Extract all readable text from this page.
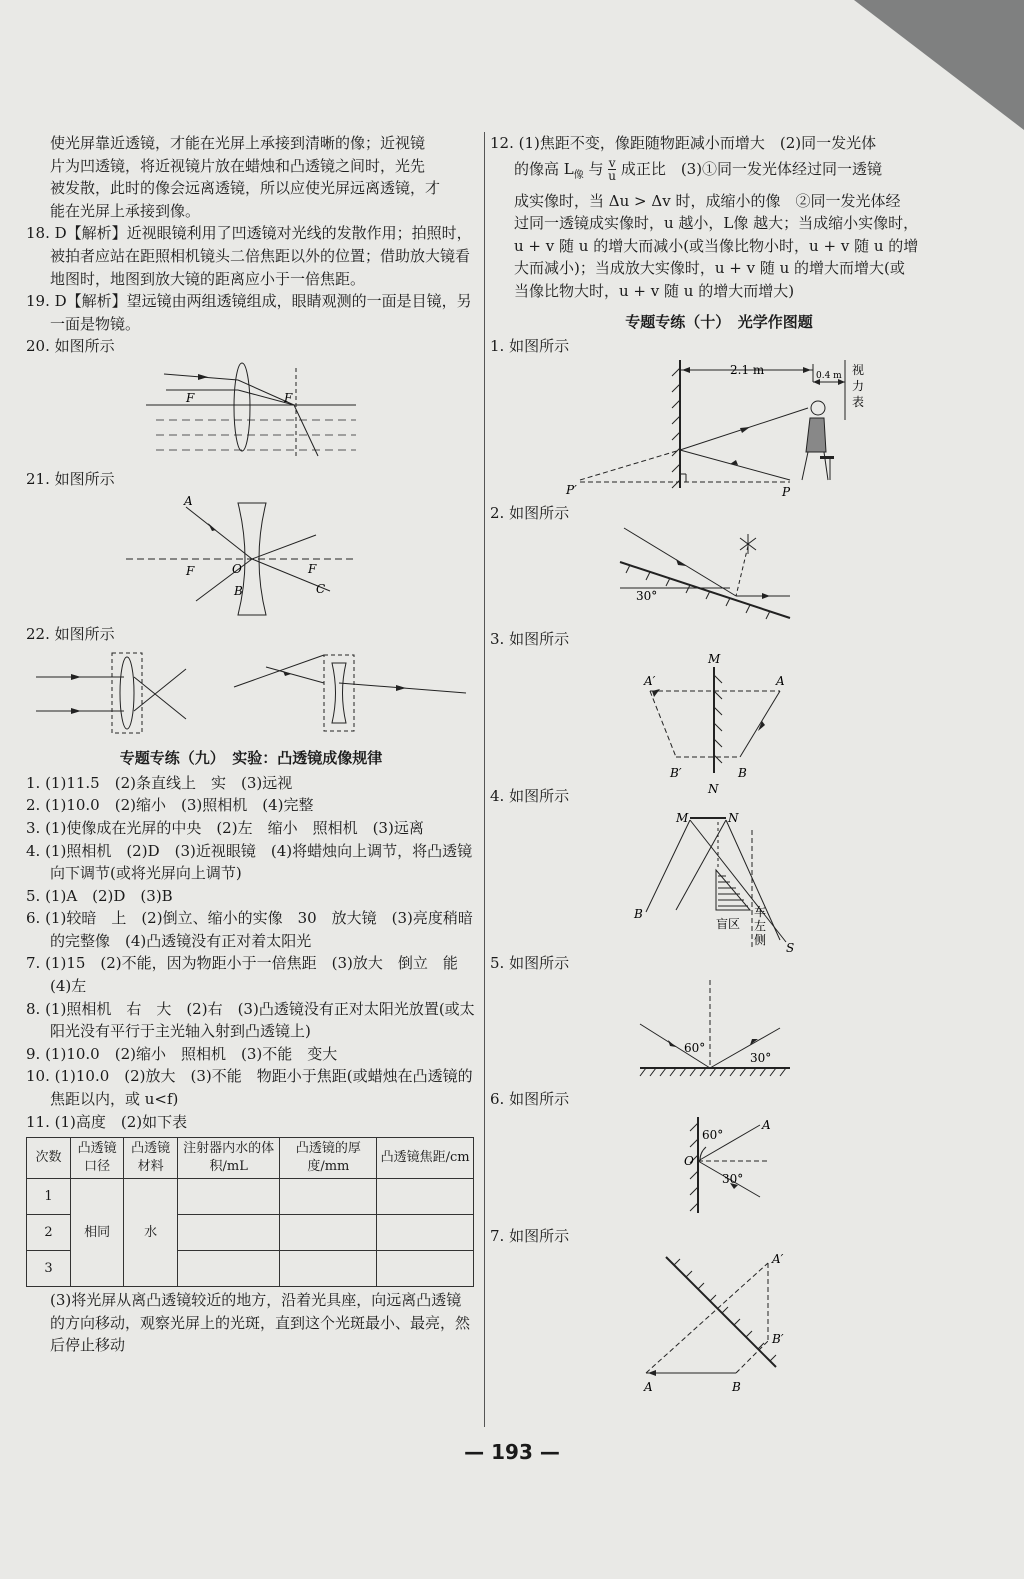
使光屏靠近透镜，才能在光屏上承接到清晰的像；近视镜

片为凹透镜，将近视镜片放在蜡烛和凸透镜之间时，光先

被发散，此时的像会远离透镜，所以应使光屏远离透镜，才

能在光屏上承接到像。

18. D【解析】近视眼镜利用了凹透镜对光线的发散作用；拍照时，被拍者应站在距照相机镜头二倍焦距以外的位置；借助放大镜看地图时，地图到放大镜的距离应小于一倍焦距。

19. D【解析】望远镜由两组透镜组成，眼睛观测的一面是目镜，另一面是物镜。

20. 如图所示

F	F

21. 如图所示

A
F	O	F
B	C

22. 如图所示

专题专练（九）　实验：凸透镜成像规律

1. (1)11.5　(2)条直线上　实　(3)远视

2. (1)10.0　(2)缩小　(3)照相机　(4)完整

3. (1)使像成在光屏的中央　(2)左　缩小　照相机　(3)远离

4. (1)照相机　(2)D　(3)近视眼镜　(4)将蜡烛向上调节，将凸透镜向下调节(或将光屏向上调节)

5. (1)A　(2)D　(3)B

6. (1)较暗　上　(2)倒立、缩小的实像　30　放大镜　(3)亮度稍暗的完整像　(4)凸透镜没有正对着太阳光

7. (1)15　(2)不能，因为物距小于一倍焦距　(3)放大　倒立　能　(4)左

8. (1)照相机　右　大　(2)右　(3)凸透镜没有正对太阳光放置(或太阳光没有平行于主光轴入射到凸透镜上)

9. (1)10.0　(2)缩小　照相机　(3)不能　变大

10. (1)10.0　(2)放大　(3)不能　物距小于焦距(或蜡烛在凸透镜的焦距以内，或 u<f)

11. (1)高度　(2)如下表

次数	凸透镜口径	凸透镜材料	注射器内水的体积/mL	凸透镜的厚度/mm	凸透镜焦距/cm
1	相同	水			
2					
3					

(3)将光屏从离凸透镜较近的地方，沿着光具座，向远离凸透镜的方向移动，观察光屏上的光斑，直到这个光斑最小、最亮，然后停止移动

12. (1)焦距不变，像距随物距减小而增大　(2)同一发光体

的像高 $L_像$ 与 $\frac{v}{u}$ 成正比　(3)①同一发光体经过同一透镜

成实像时，当 Δu > Δv 时，成缩小的像　②同一发光体经

过同一透镜成实像时，u 越小，L像 越大；当成缩小实像时，

u + v 随 u 的增大而减小(或当像比物小时，u + v 随 u 的增

大而减小)；当成放大实像时，u + v 随 u 的增大而增大(或

当像比物大时，u + v 随 u 的增大而增大)

专题专练（十）　光学作图题

1. 如图所示

2.1 m	0.4 m 视
力
表
P′	P

2. 如图所示

30°

3. 如图所示

M
A′	A
B′	B
N

4. 如图所示

M	N
B
S
盲区
车
左
侧

5. 如图所示

60°
30°

6. 如图所示

60°
30°
A
O

7. 如图所示

A′
B′
A	B
— 193 —
